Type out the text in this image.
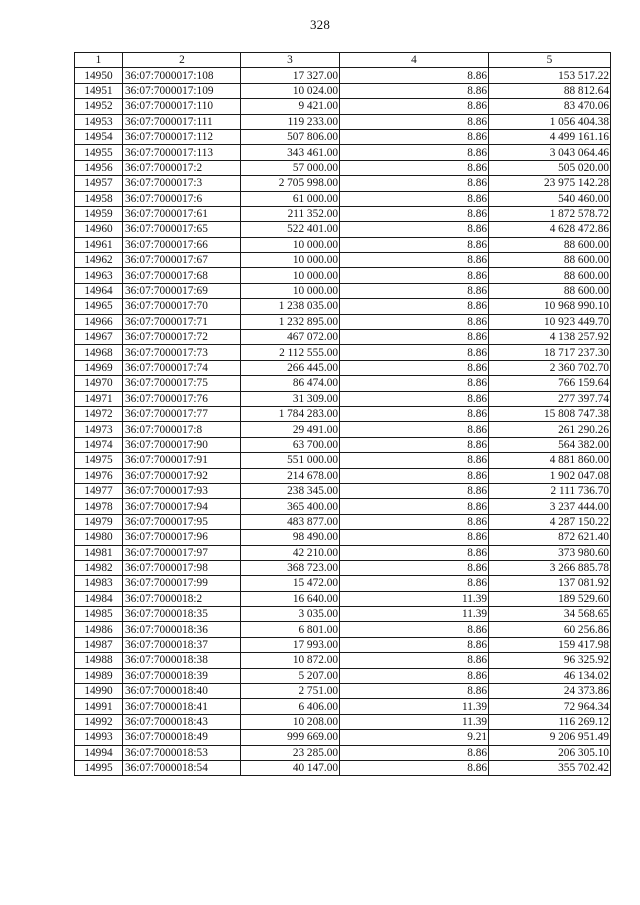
328
1	2	3	4	5
14950	36:07:7000017:108	17 327.00	8.86	153 517.22
14951	36:07:7000017:109	10 024.00	8.86	88 812.64
14952	36:07:7000017:110	9 421.00	8.86	83 470.06
14953	36:07:7000017:111	119 233.00	8.86	1 056 404.38
14954	36:07:7000017:112	507 806.00	8.86	4 499 161.16
14955	36:07:7000017:113	343 461.00	8.86	3 043 064.46
14956	36:07:7000017:2	57 000.00	8.86	505 020.00
14957	36:07:7000017:3	2 705 998.00	8.86	23 975 142.28
14958	36:07:7000017:6	61 000.00	8.86	540 460.00
14959	36:07:7000017:61	211 352.00	8.86	1 872 578.72
14960	36:07:7000017:65	522 401.00	8.86	4 628 472.86
14961	36:07:7000017:66	10 000.00	8.86	88 600.00
14962	36:07:7000017:67	10 000.00	8.86	88 600.00
14963	36:07:7000017:68	10 000.00	8.86	88 600.00
14964	36:07:7000017:69	10 000.00	8.86	88 600.00
14965	36:07:7000017:70	1 238 035.00	8.86	10 968 990.10
14966	36:07:7000017:71	1 232 895.00	8.86	10 923 449.70
14967	36:07:7000017:72	467 072.00	8.86	4 138 257.92
14968	36:07:7000017:73	2 112 555.00	8.86	18 717 237.30
14969	36:07:7000017:74	266 445.00	8.86	2 360 702.70
14970	36:07:7000017:75	86 474.00	8.86	766 159.64
14971	36:07:7000017:76	31 309.00	8.86	277 397.74
14972	36:07:7000017:77	1 784 283.00	8.86	15 808 747.38
14973	36:07:7000017:8	29 491.00	8.86	261 290.26
14974	36:07:7000017:90	63 700.00	8.86	564 382.00
14975	36:07:7000017:91	551 000.00	8.86	4 881 860.00
14976	36:07:7000017:92	214 678.00	8.86	1 902 047.08
14977	36:07:7000017:93	238 345.00	8.86	2 111 736.70
14978	36:07:7000017:94	365 400.00	8.86	3 237 444.00
14979	36:07:7000017:95	483 877.00	8.86	4 287 150.22
14980	36:07:7000017:96	98 490.00	8.86	872 621.40
14981	36:07:7000017:97	42 210.00	8.86	373 980.60
14982	36:07:7000017:98	368 723.00	8.86	3 266 885.78
14983	36:07:7000017:99	15 472.00	8.86	137 081.92
14984	36:07:7000018:2	16 640.00	11.39	189 529.60
14985	36:07:7000018:35	3 035.00	11.39	34 568.65
14986	36:07:7000018:36	6 801.00	8.86	60 256.86
14987	36:07:7000018:37	17 993.00	8.86	159 417.98
14988	36:07:7000018:38	10 872.00	8.86	96 325.92
14989	36:07:7000018:39	5 207.00	8.86	46 134.02
14990	36:07:7000018:40	2 751.00	8.86	24 373.86
14991	36:07:7000018:41	6 406.00	11.39	72 964.34
14992	36:07:7000018:43	10 208.00	11.39	116 269.12
14993	36:07:7000018:49	999 669.00	9.21	9 206 951.49
14994	36:07:7000018:53	23 285.00	8.86	206 305.10
14995	36:07:7000018:54	40 147.00	8.86	355 702.42
